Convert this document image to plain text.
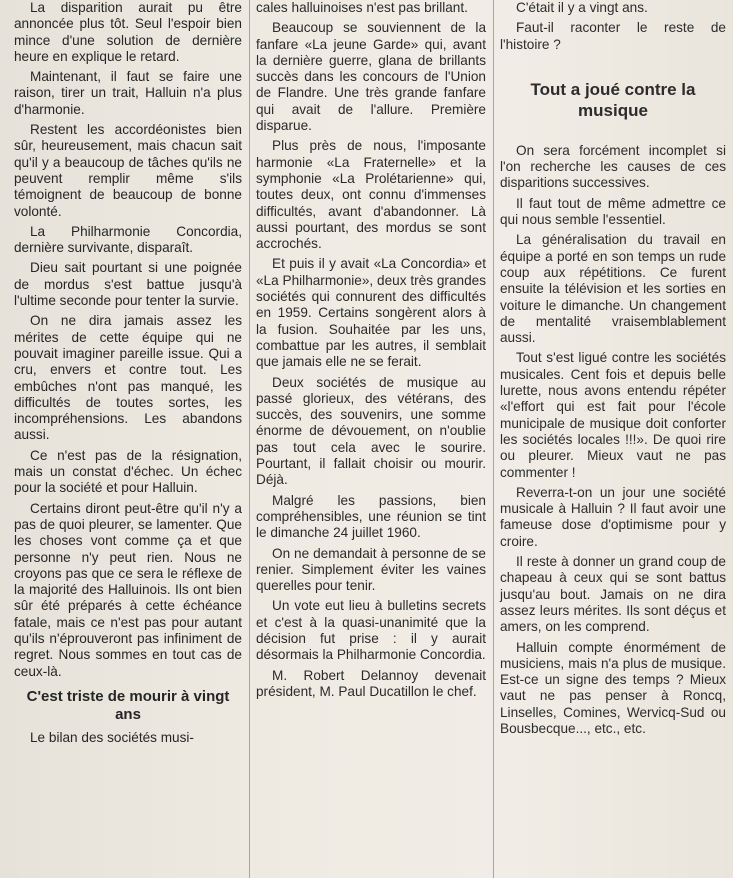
La disparition aurait pu être annoncée plus tôt. Seul l'espoir bien mince d'une solution de dernière heure en explique le retard.

Maintenant, il faut se faire une raison, tirer un trait, Halluin n'a plus d'harmonie.

Restent les accordéonistes bien sûr, heureusement, mais chacun sait qu'il y a beaucoup de tâches qu'ils ne peuvent remplir même s'ils témoignent de beaucoup de bonne volonté.

La Philharmonie Concordia, dernière survivante, disparaît.

Dieu sait pourtant si une poignée de mordus s'est battue jusqu'à l'ultime seconde pour tenter la survie.

On ne dira jamais assez les mérites de cette équipe qui ne pouvait imaginer pareille issue. Qui a cru, envers et contre tout. Les embûches n'ont pas manqué, les difficultés de toutes sortes, les incompréhensions. Les abandons aussi.

Ce n'est pas de la résignation, mais un constat d'échec. Un échec pour la société et pour Halluin.

Certains diront peut-être qu'il n'y a pas de quoi pleurer, se lamenter. Que les choses vont comme ça et que personne n'y peut rien. Nous ne croyons pas que ce sera le réflexe de la majorité des Halluinois. Ils ont bien sûr été préparés à cette échéance fatale, mais ce n'est pas pour autant qu'ils n'éprouveront pas infiniment de regret. Nous sommes en tout cas de ceux-là.

C'est triste de mourir à vingt ans

Le bilan des sociétés musi-

cales halluinoises n'est pas brillant.

Beaucoup se souviennent de la fanfare «La jeune Garde» qui, avant la dernière guerre, glana de brillants succès dans les concours de l'Union de Flandre. Une très grande fanfare qui avait de l'allure. Première disparue.

Plus près de nous, l'imposante harmonie «La Fraternelle» et la symphonie «La Prolétarienne» qui, toutes deux, ont connu d'immenses difficultés, avant d'abandonner. Là aussi pourtant, des mordus se sont accrochés.

Et puis il y avait «La Concordia» et «La Philharmonie», deux très grandes sociétés qui connurent des difficultés en 1959. Certains songèrent alors à la fusion. Souhaitée par les uns, combattue par les autres, il semblait que jamais elle ne se ferait.

Deux sociétés de musique au passé glorieux, des vétérans, des succès, des souvenirs, une somme énorme de dévouement, on n'oublie pas tout cela avec le sourire. Pourtant, il fallait choisir ou mourir. Déjà.

Malgré les passions, bien compréhensibles, une réunion se tint le dimanche 24 juillet 1960.

On ne demandait à personne de se renier. Simplement éviter les vaines querelles pour tenir.

Un vote eut lieu à bulletins secrets et c'est à la quasi-unanimité que la décision fut prise : il y aurait désormais la Philharmonie Concordia.

M. Robert Delannoy devenait président, M. Paul Ducatillon le chef.

C'était il y a vingt ans.

Faut-il raconter le reste de l'histoire ?

Tout a joué contre la musique

On sera forcément incomplet si l'on recherche les causes de ces disparitions successives.

Il faut tout de même admettre ce qui nous semble l'essentiel.

La généralisation du travail en équipe a porté en son temps un rude coup aux répétitions. Ce furent ensuite la télévision et les sorties en voiture le dimanche. Un changement de mentalité vraisemblablement aussi.

Tout s'est ligué contre les sociétés musicales. Cent fois et depuis belle lurette, nous avons entendu répéter «l'effort qui est fait pour l'école municipale de musique doit conforter les sociétés locales !!!». De quoi rire ou pleurer. Mieux vaut ne pas commenter !

Reverra-t-on un jour une société musicale à Halluin ? Il faut avoir une fameuse dose d'optimisme pour y croire.

Il reste à donner un grand coup de chapeau à ceux qui se sont battus jusqu'au bout. Jamais on ne dira assez leurs mérites. Ils sont déçus et amers, on les comprend.

Halluin compte énormément de musiciens, mais n'a plus de musique. Est-ce un signe des temps ? Mieux vaut ne pas penser à Roncq, Linselles, Comines, Wervicq-Sud ou Bousbecque..., etc., etc.
